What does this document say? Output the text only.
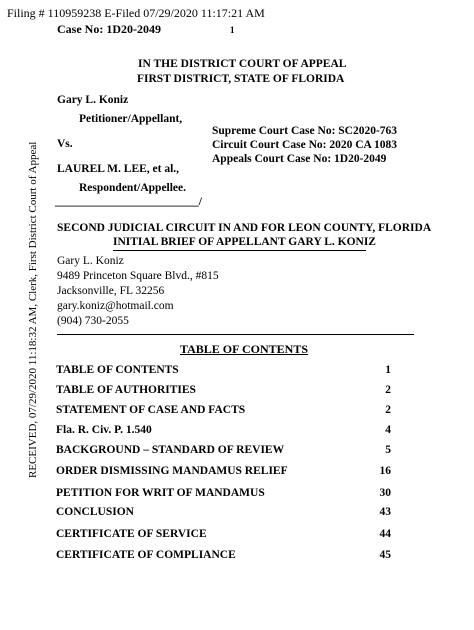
Filing # 110959238 E-Filed 07/29/2020 11:17:21 AM
Case No: 1D20-2049	1
RECEIVED, 07/29/2020 11:18:32 AM, Clerk, First District Court of Appeal
IN THE DISTRICT COURT OF APPEAL
FIRST DISTRICT, STATE OF FLORIDA
Gary L. Koniz
Petitioner/Appellant,
Vs.
LAUREL M. LEE, et al.,
Respondent/Appellee.
_________________________/
Supreme Court Case No: SC2020-763
Circuit Court Case No: 2020 CA 1083
Appeals Court Case No: 1D20-2049
SECOND JUDICIAL CIRCUIT IN AND FOR LEON COUNTY, FLORIDA
INITIAL BRIEF OF APPELLANT GARY L. KONIZ
Gary L. Koniz
9489 Princeton Square Blvd., #815
Jacksonville, FL 32256
gary.koniz@hotmail.com
(904) 730-2055
TABLE OF CONTENTS
TABLE OF CONTENTS	1
TABLE OF AUTHORITIES	2
STATEMENT OF CASE AND FACTS	2
Fla. R. Civ. P. 1.540	4
BACKGROUND – STANDARD OF REVIEW	5
ORDER DISMISSING MANDAMUS RELIEF	16
PETITION FOR WRIT OF MANDAMUS	30
CONCLUSION	43
CERTIFICATE OF SERVICE	44
CERTIFICATE OF COMPLIANCE	45
